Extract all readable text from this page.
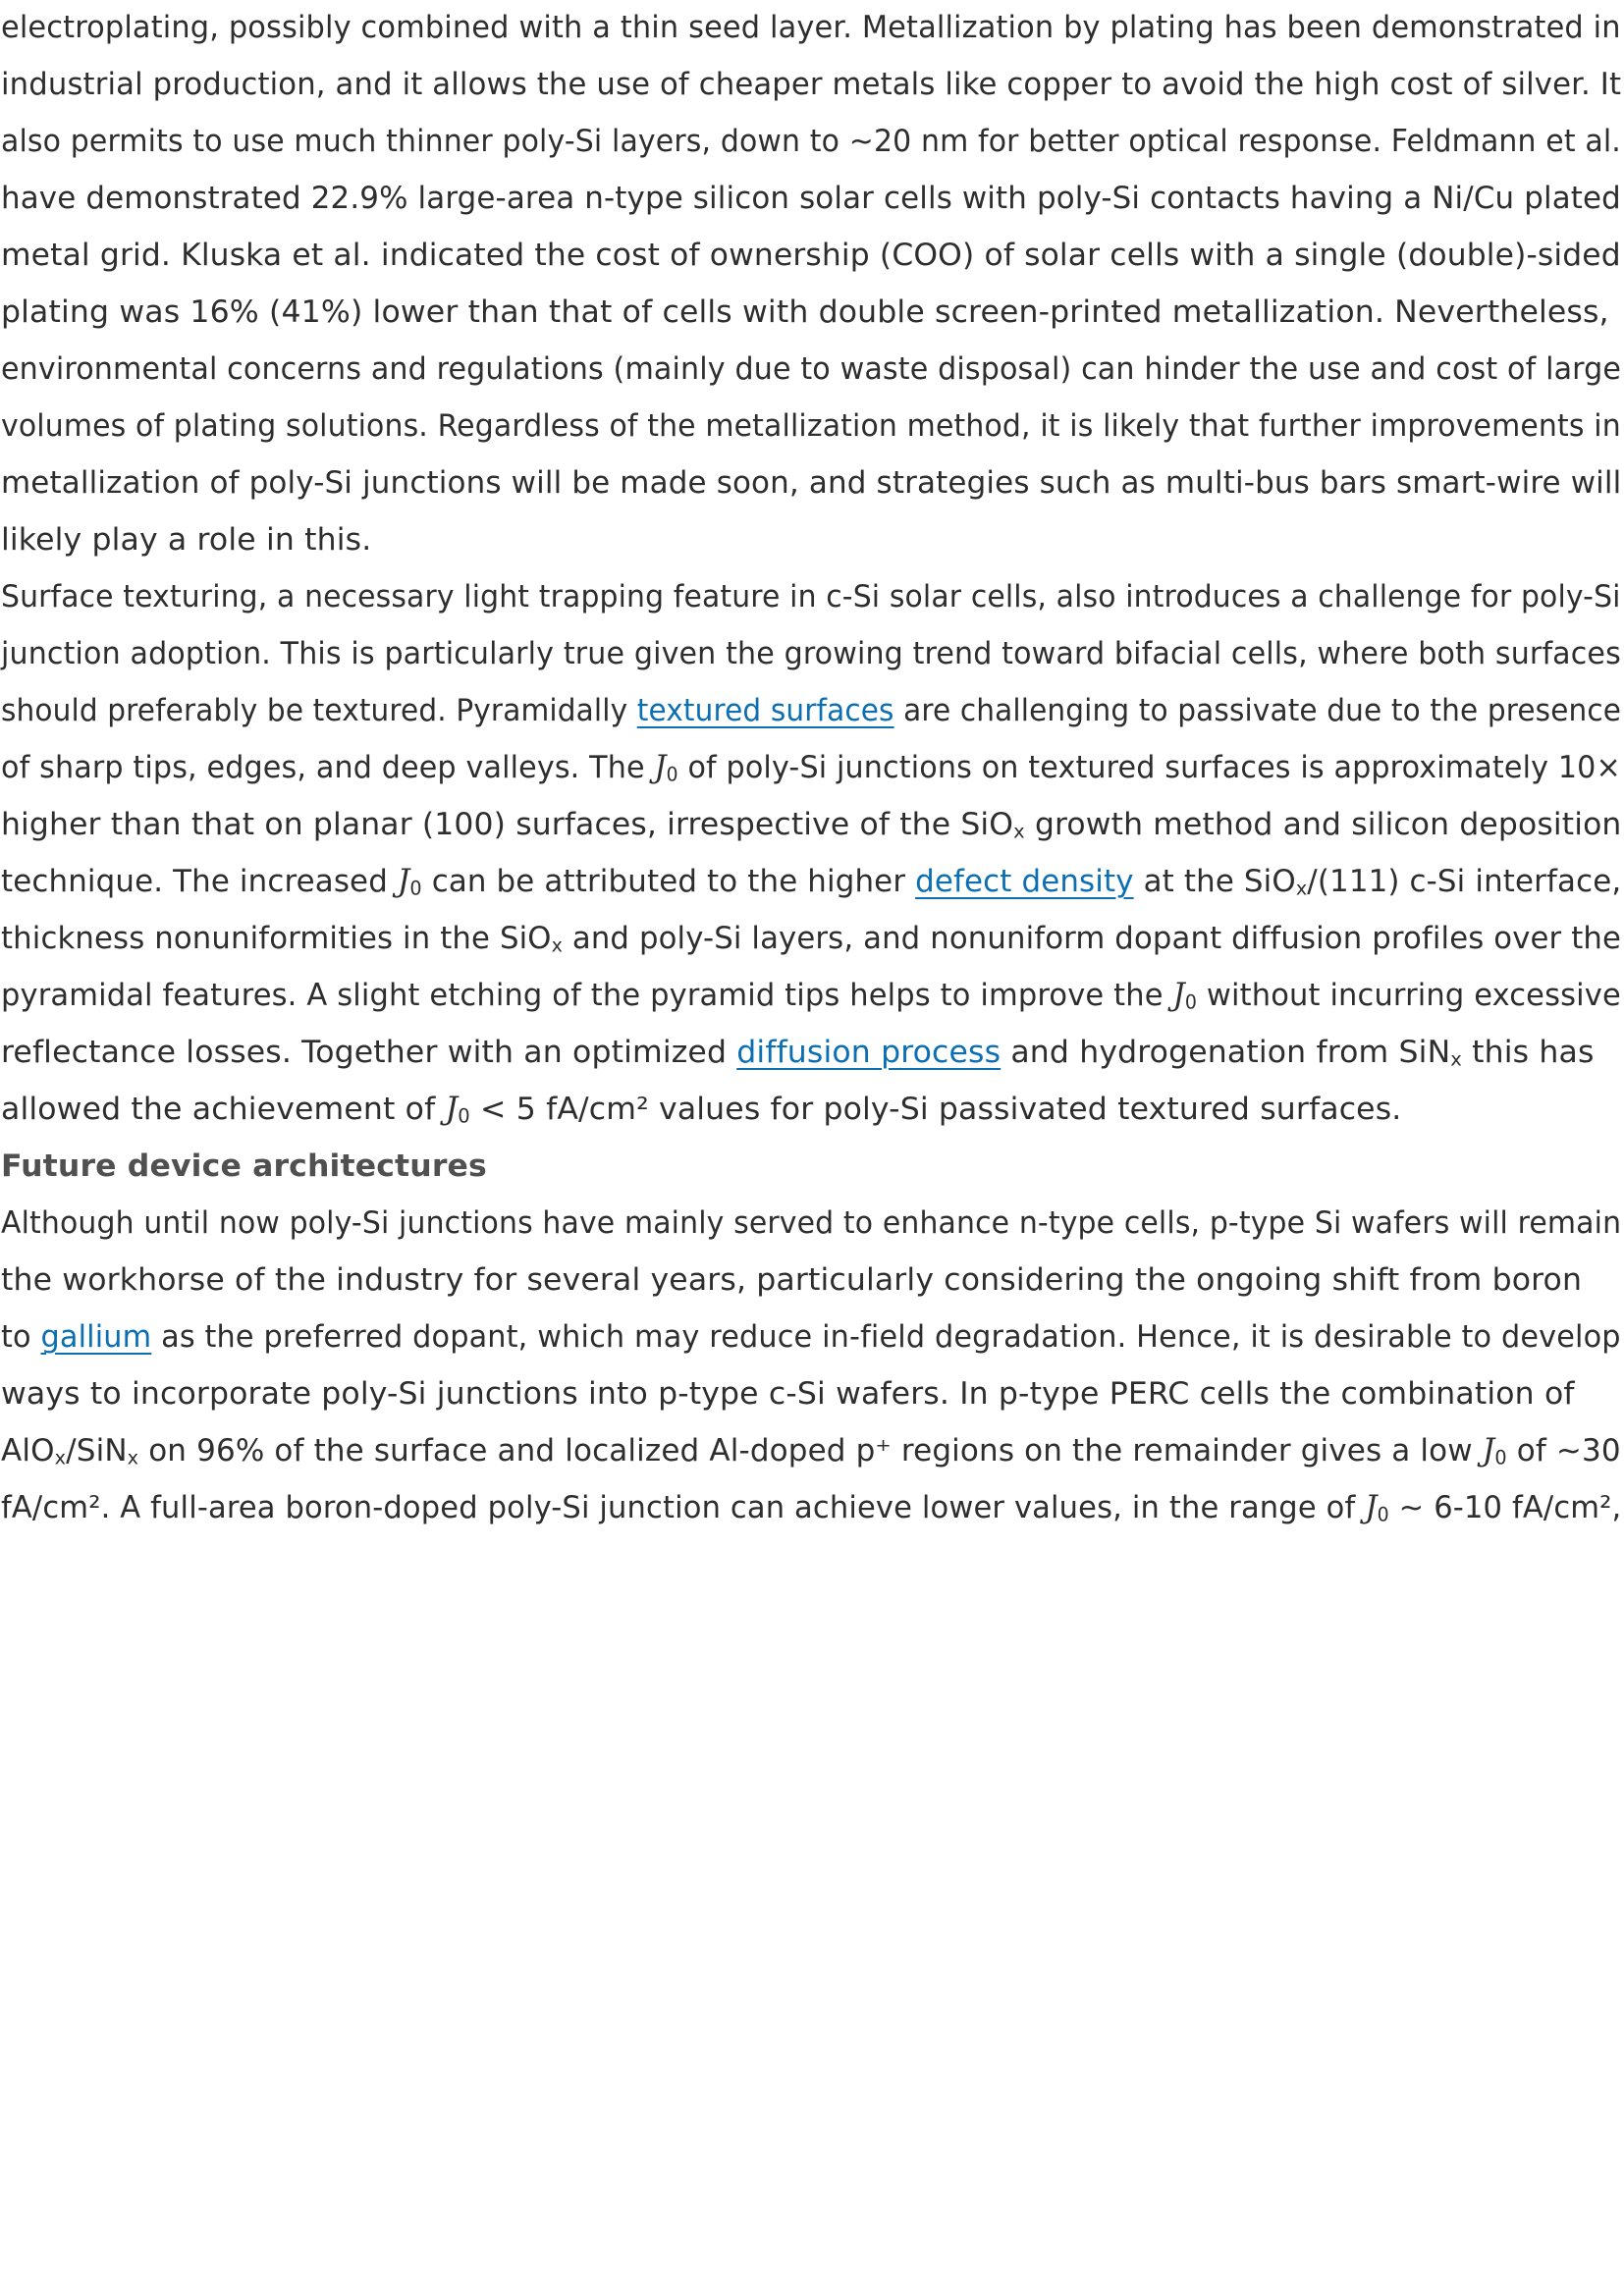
electroplating, possibly combined with a thin seed layer. Metallization by plating has been demonstrated in
industrial production, and it allows the use of cheaper metals like copper to avoid the high cost of silver. It
also permits to use much thinner poly-Si layers, down to ~20 nm for better optical response. Feldmann et al.
have demonstrated 22.9% large-area n-type silicon solar cells with poly-Si contacts having a Ni/Cu plated
metal grid. Kluska et al. indicated the cost of ownership (COO) of solar cells with a single (double)-sided
plating was 16% (41%) lower than that of cells with double screen-printed metallization. Nevertheless,
environmental concerns and regulations (mainly due to waste disposal) can hinder the use and cost of large
volumes of plating solutions. Regardless of the metallization method, it is likely that further improvements in
metallization of poly-Si junctions will be made soon, and strategies such as multi-bus bars smart-wire will
likely play a role in this.
Surface texturing, a necessary light trapping feature in c-Si solar cells, also introduces a challenge for poly-Si
junction adoption. This is particularly true given the growing trend toward bifacial cells, where both surfaces
should preferably be textured. Pyramidally textured surfaces are challenging to passivate due to the presence
of sharp tips, edges, and deep valleys. The J0 of poly-Si junctions on textured surfaces is approximately 10×
higher than that on planar (100) surfaces, irrespective of the SiOx growth method and silicon deposition
technique. The increased J0 can be attributed to the higher defect density at the SiOx/(111) c-Si interface,
thickness nonuniformities in the SiOx and poly-Si layers, and nonuniform dopant diffusion profiles over the
pyramidal features. A slight etching of the pyramid tips helps to improve the J0 without incurring excessive
reflectance losses. Together with an optimized diffusion process and hydrogenation from SiNx this has
allowed the achievement of J0 < 5 fA/cm² values for poly-Si passivated textured surfaces.
Future device architectures
Although until now poly-Si junctions have mainly served to enhance n-type cells, p-type Si wafers will remain
the workhorse of the industry for several years, particularly considering the ongoing shift from boron
to gallium as the preferred dopant, which may reduce in-field degradation. Hence, it is desirable to develop
ways to incorporate poly-Si junctions into p-type c-Si wafers. In p-type PERC cells the combination of
AlOx/SiNx on 96% of the surface and localized Al-doped p⁺ regions on the remainder gives a low J0 of ~30
fA/cm². A full-area boron-doped poly-Si junction can achieve lower values, in the range of J0 ~ 6-10 fA/cm²,
